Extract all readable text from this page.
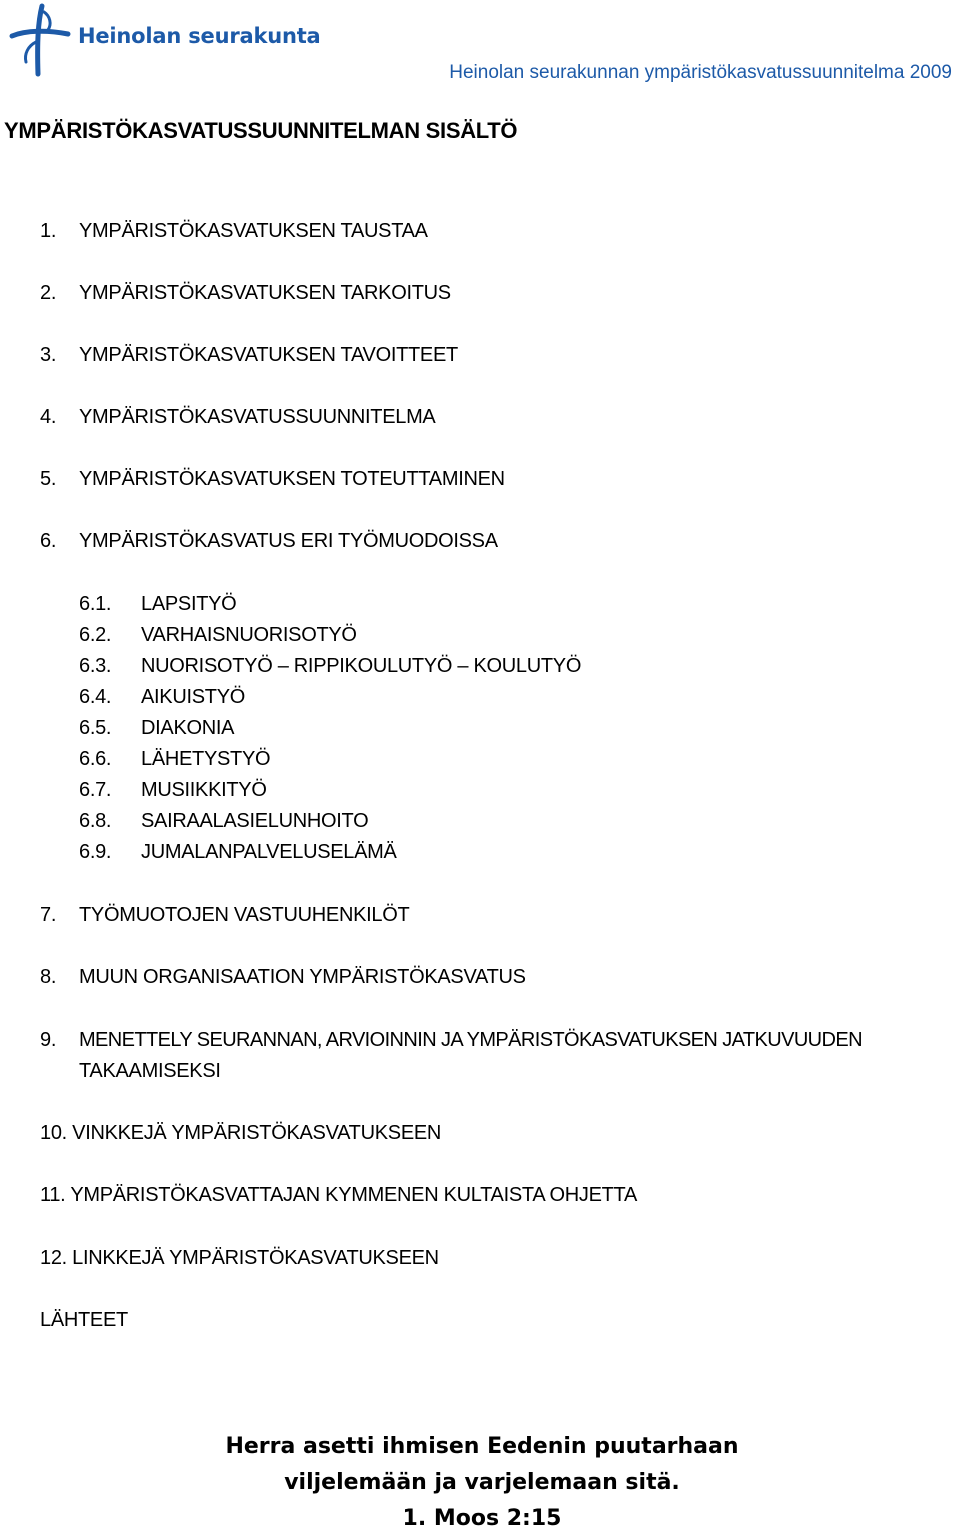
Heinolan seurakunta
Heinolan seurakunnan ympäristökasvatussuunnitelma 2009
YMPÄRISTÖKASVATUSSUUNNITELMAN SISÄLTÖ
1. YMPÄRISTÖKASVATUKSEN TAUSTAA
2. YMPÄRISTÖKASVATUKSEN TARKOITUS
3. YMPÄRISTÖKASVATUKSEN TAVOITTEET
4. YMPÄRISTÖKASVATUSSUUNNITELMA
5. YMPÄRISTÖKASVATUKSEN TOTEUTTAMINEN
6. YMPÄRISTÖKASVATUS ERI TYÖMUODOISSA
6.1. LAPSITYÖ
6.2. VARHAISNUORISOTYÖ
6.3. NUORISOTYÖ – RIPPIKOULUTYÖ – KOULUTYÖ
6.4. AIKUISTYÖ
6.5. DIAKONIA
6.6. LÄHETYSTYÖ
6.7. MUSIIKKITYÖ
6.8. SAIRAALASIELUNHOITO
6.9. JUMALANPALVELUSELÄMÄ
7. TYÖMUOTOJEN VASTUUHENKILÖT
8. MUUN ORGANISAATION YMPÄRISTÖKASVATUS
9. MENETTELY SEURANNAN, ARVIOINNIN JA YMPÄRISTÖKASVATUKSEN JATKUVUUDEN
TAKAAMISEKSI
10. VINKKEJÄ YMPÄRISTÖKASVATUKSEEN
11. YMPÄRISTÖKASVATTAJAN KYMMENEN KULTAISTA OHJETTA
12. LINKKEJÄ YMPÄRISTÖKASVATUKSEEN
LÄHTEET
Herra asetti ihmisen Eedenin puutarhaan
viljelemään ja varjelemaan sitä.
1. Moos 2:15
